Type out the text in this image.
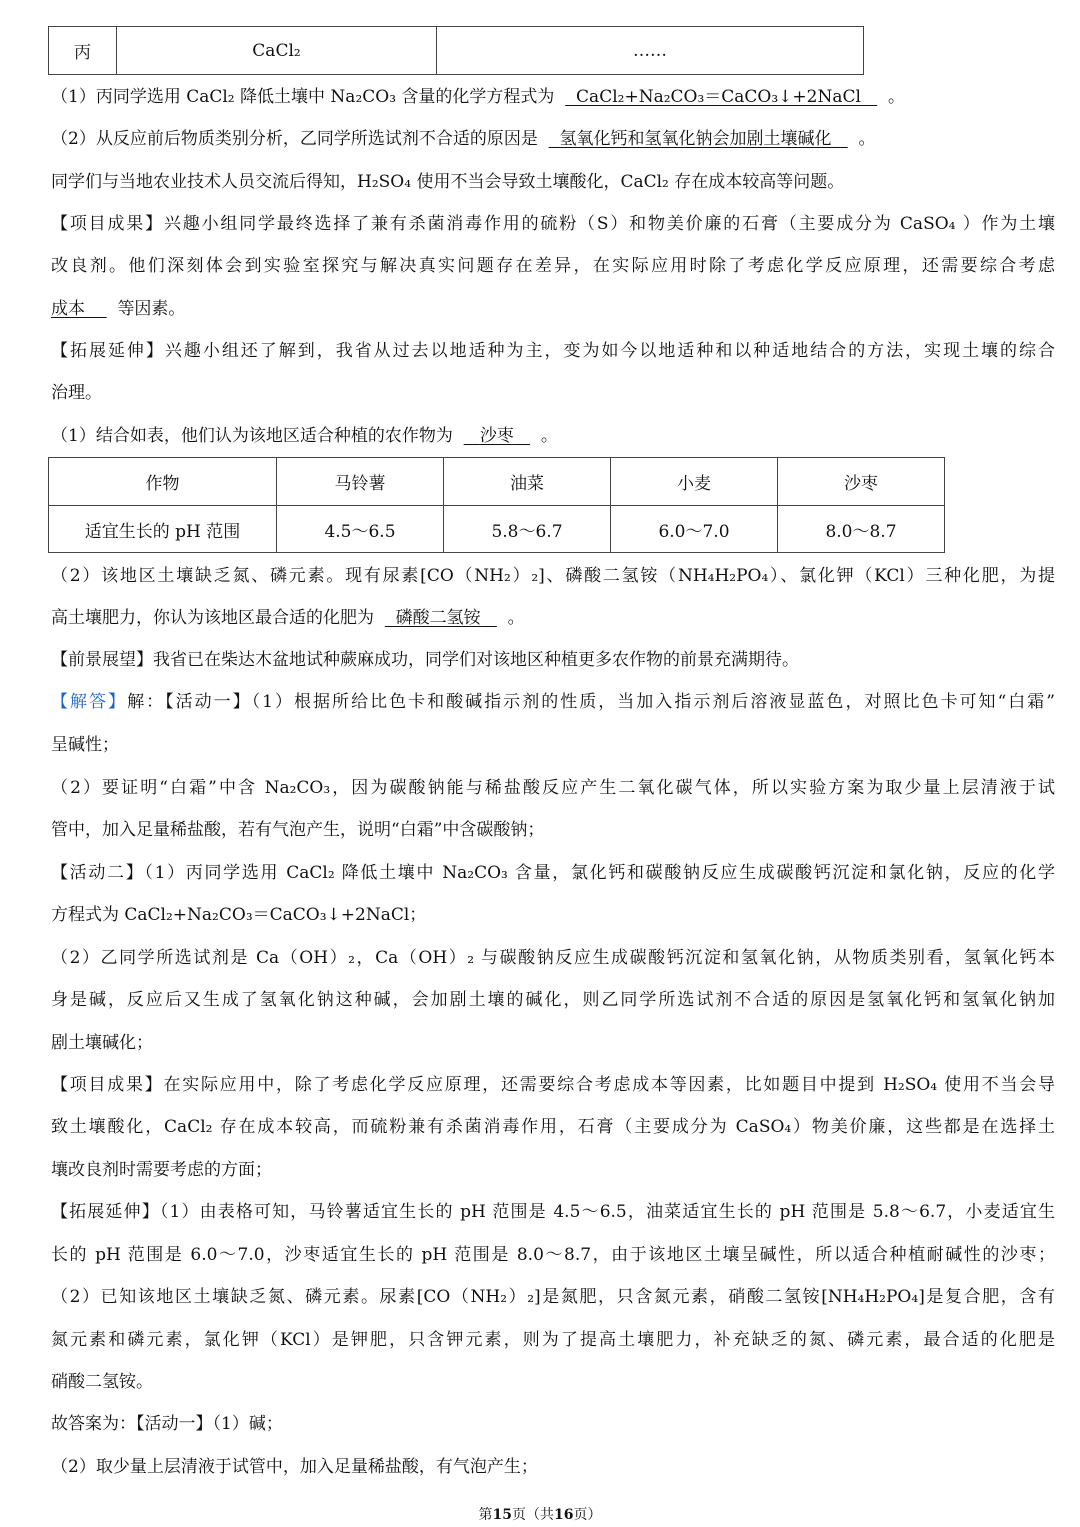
丙	CaCl₂	……
（1）丙同学选用 CaCl₂ 降低土壤中 Na₂CO₃ 含量的化学方程式为 CaCl₂+Na₂CO₃＝CaCO₃↓+2NaCl 。
（2）从反应前后物质类别分析，乙同学所选试剂不合适的原因是 氢氧化钙和氢氧化钠会加剧土壤碱化 。
同学们与当地农业技术人员交流后得知，H₂SO₄ 使用不当会导致土壤酸化，CaCl₂ 存在成本较高等问题。
【项目成果】兴趣小组同学最终选择了兼有杀菌消毒作用的硫粉（S）和物美价廉的石膏（主要成分为 CaSO₄ ）作为土壤
改良剂。他们深刻体会到实验室探究与解决真实问题存在差异，在实际应用时除了考虑化学反应原理，还需要综合考虑
成本 等因素。
【拓展延伸】兴趣小组还了解到，我省从过去以地适种为主，变为如今以地适种和以种适地结合的方法，实现土壤的综合
治理。
（1）结合如表，他们认为该地区适合种植的农作物为 沙枣 。
作物	马铃薯	油菜	小麦	沙枣
适宜生长的 pH 范围	4.5～6.5	5.8～6.7	6.0～7.0	8.0～8.7
（2）该地区土壤缺乏氮、磷元素。现有尿素[CO（NH₂）₂]、磷酸二氢铵（NH₄H₂PO₄）、氯化钾（KCl）三种化肥，为提
高土壤肥力，你认为该地区最合适的化肥为 磷酸二氢铵 。
【前景展望】我省已在柴达木盆地试种蕨麻成功，同学们对该地区种植更多农作物的前景充满期待。
【解答】解：【活动一】（1）根据所给比色卡和酸碱指示剂的性质，当加入指示剂后溶液显蓝色，对照比色卡可知“白霜”
呈碱性；
（2）要证明“白霜”中含 Na₂CO₃，因为碳酸钠能与稀盐酸反应产生二氧化碳气体，所以实验方案为取少量上层清液于试
管中，加入足量稀盐酸，若有气泡产生，说明“白霜”中含碳酸钠；
【活动二】（1）丙同学选用 CaCl₂ 降低土壤中 Na₂CO₃ 含量，氯化钙和碳酸钠反应生成碳酸钙沉淀和氯化钠，反应的化学
方程式为 CaCl₂+Na₂CO₃＝CaCO₃↓+2NaCl；
（2）乙同学所选试剂是 Ca（OH）₂，Ca（OH）₂ 与碳酸钠反应生成碳酸钙沉淀和氢氧化钠，从物质类别看，氢氧化钙本
身是碱，反应后又生成了氢氧化钠这种碱，会加剧土壤的碱化，则乙同学所选试剂不合适的原因是氢氧化钙和氢氧化钠加
剧土壤碱化；
【项目成果】在实际应用中，除了考虑化学反应原理，还需要综合考虑成本等因素，比如题目中提到 H₂SO₄ 使用不当会导
致土壤酸化，CaCl₂ 存在成本较高，而硫粉兼有杀菌消毒作用，石膏（主要成分为 CaSO₄）物美价廉，这些都是在选择土
壤改良剂时需要考虑的方面；
【拓展延伸】（1）由表格可知，马铃薯适宜生长的 pH 范围是 4.5～6.5，油菜适宜生长的 pH 范围是 5.8～6.7，小麦适宜生
长的 pH 范围是 6.0～7.0，沙枣适宜生长的 pH 范围是 8.0～8.7，由于该地区土壤呈碱性，所以适合种植耐碱性的沙枣；
（2）已知该地区土壤缺乏氮、磷元素。尿素[CO（NH₂）₂]是氮肥，只含氮元素，硝酸二氢铵[NH₄H₂PO₄]是复合肥，含有
氮元素和磷元素，氯化钾（KCl）是钾肥，只含钾元素，则为了提高土壤肥力，补充缺乏的氮、磷元素，最合适的化肥是
硝酸二氢铵。
故答案为：【活动一】（1）碱；
（2）取少量上层清液于试管中，加入足量稀盐酸，有气泡产生；
第15页（共16页）
